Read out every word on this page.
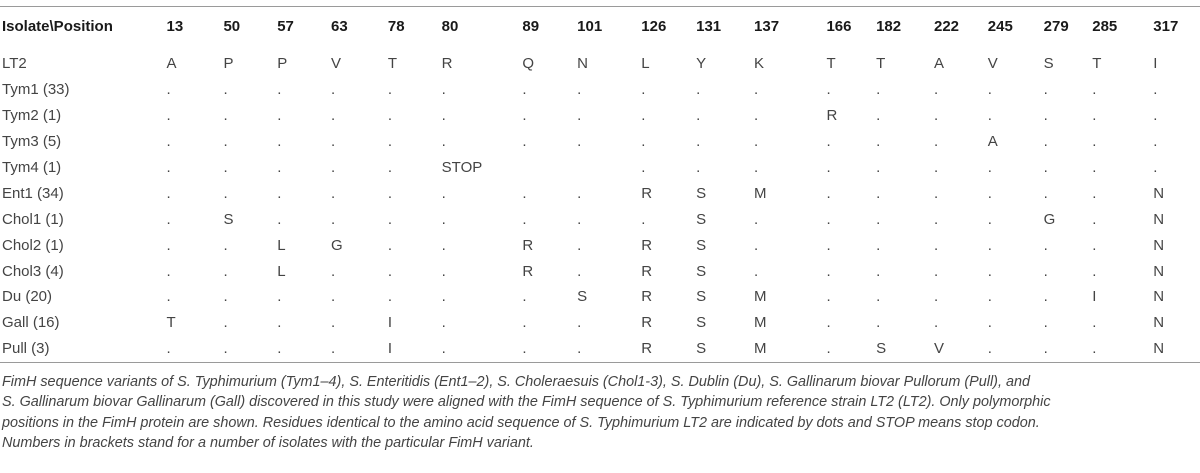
Isolate\Position	13	50	57	63	78	80	89	101	126	131	137	166	182	222	245	279	285	317
LT2	A	P	P	V	T	R	Q	N	L	Y	K	T	T	A	V	S	T	I
Tym1 (33)	.	.	.	.	.	.	.	.	.	.	.	.	.	.	.	.	.	.
Tym2 (1)	.	.	.	.	.	.	.	.	.	.	.	R	.	.	.	.	.	.
Tym3 (5)	.	.	.	.	.	.	.	.	.	.	.	.	.	.	A	.	.	.
Tym4 (1)	.	.	.	.	.	STOP			.	.	.	.	.	.	.	.	.	.
Ent1 (34)	.	.	.	.	.	.	.	.	R	S	M	.	.	.	.	.	.	N
Chol1 (1)	.	S	.	.	.	.	.	.	.	S	.	.	.	.	.	G	.	N
Chol2 (1)	.	.	L	G	.	.	R	.	R	S	.	.	.	.	.	.	.	N
Chol3 (4)	.	.	L	.	.	.	R	.	R	S	.	.	.	.	.	.	.	N
Du (20)	.	.	.	.	.	.	.	S	R	S	M	.	.	.	.	.	I	N
Gall (16)	T	.	.	.	I	.	.	.	R	S	M	.	.	.	.	.	.	N
Pull (3)	.	.	.	.	I	.	.	.	R	S	M	.	S	V	.	.	.	N
FimH sequence variants of S. Typhimurium (Tym1–4), S. Enteritidis (Ent1–2), S. Choleraesuis (Chol1-3), S. Dublin (Du), S. Gallinarum biovar Pullorum (Pull), and
S. Gallinarum biovar Gallinarum (Gall) discovered in this study were aligned with the FimH sequence of S. Typhimurium reference strain LT2 (LT2). Only polymorphic
positions in the FimH protein are shown. Residues identical to the amino acid sequence of S. Typhimurium LT2 are indicated by dots and STOP means stop codon.
Numbers in brackets stand for a number of isolates with the particular FimH variant.
